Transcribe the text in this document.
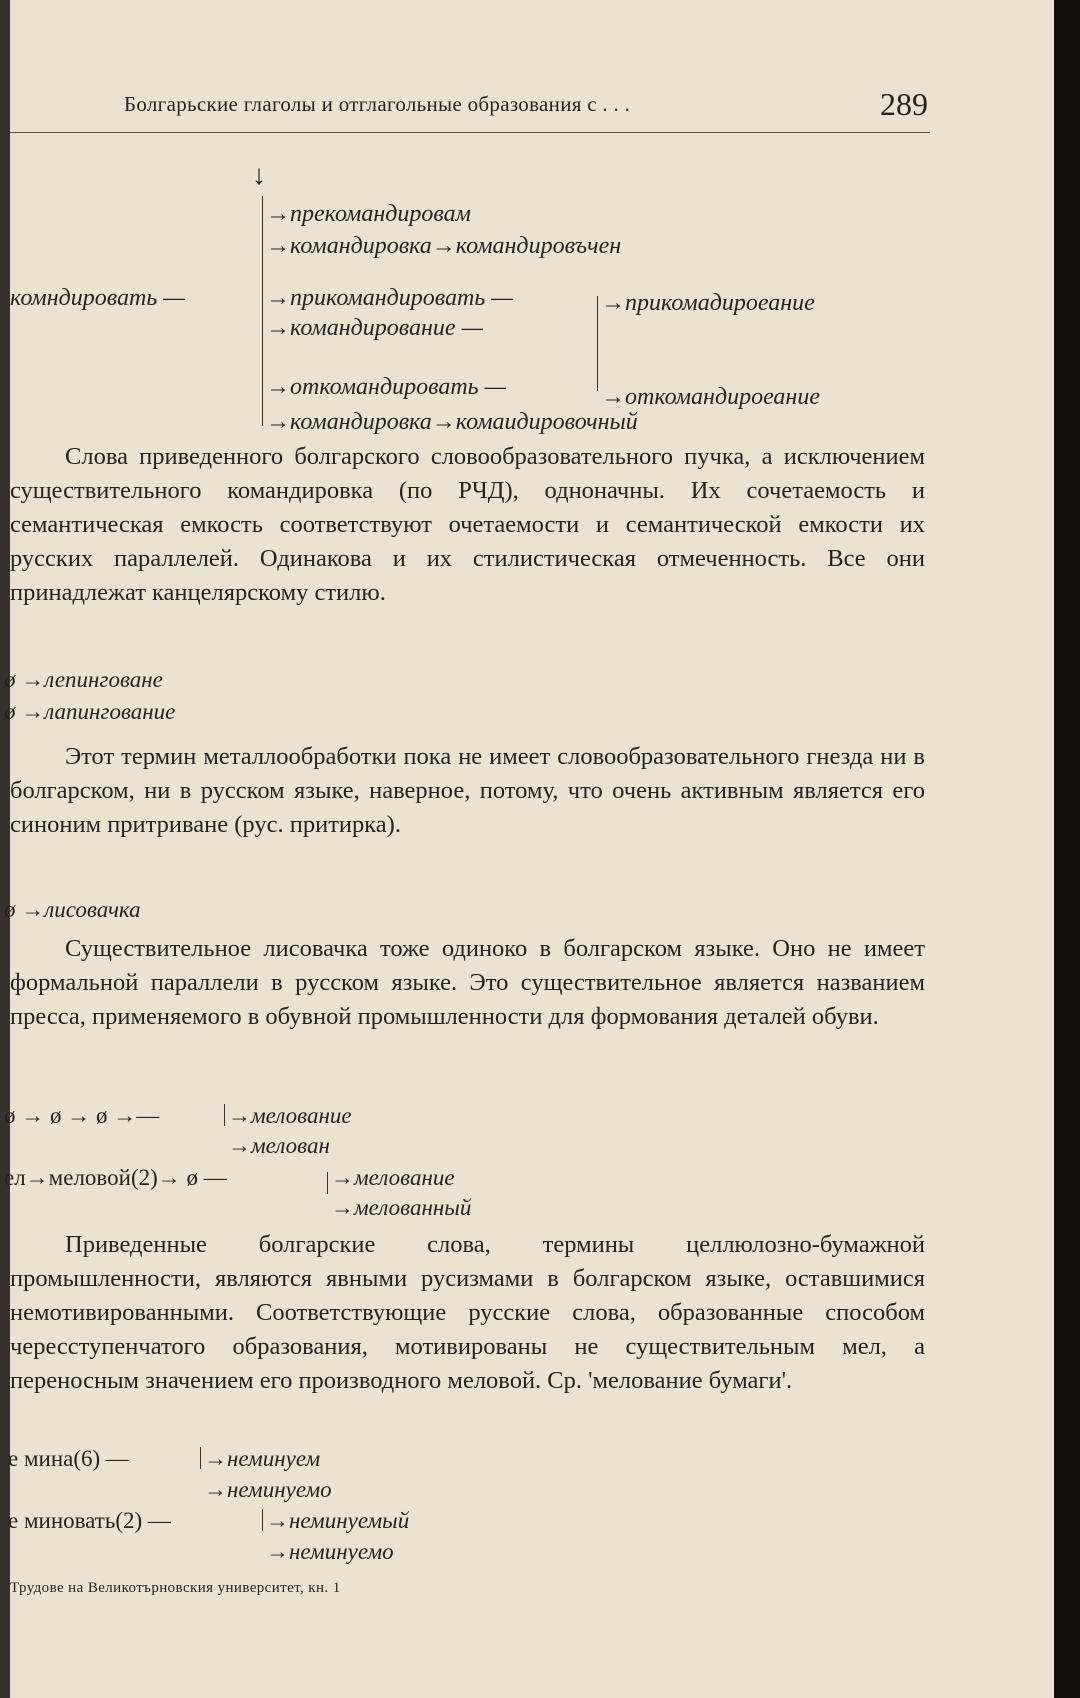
Болгарьские глаголы и отглагольные образования с . . .	289
↓
→прекомандировам
→командировка→командировъчен
комндировать —	→прикомандировать —	→прикомадироеание
→командирование —
→откомандировать —	→откомандироеание
→командировка→комаидировочный
Слова приведенного болгарского словообразовательного пучка, а исключением существительного командировка (по РЧД), одноначны. Их сочетаемость и семантическая емкость соответствуют очетаемости и семантической емкости их русских параллелей. Одинакова и их стилистическая отмеченность. Все они принадлежат канцелярскому стилю.
ø →лепинговане
ø →лапингование
Этот термин металлообработки пока не имеет словообразовательного гнезда ни в болгарском, ни в русском языке, наверное, потому, что очень активным является его синоним притриване (рус. притирка).
ø →лисовачка
Существительное лисовачка тоже одиноко в болгарском языке. Оно не имеет формальной параллели в русском языке. Это существительное является названием пресса, применяемого в обувной промышленности для формования деталей обуви.
ø → ø → ø →—	→мелование
→мелован
ел→меловой(2)→ ø —	→мелование
→мелованный
Приведенные болгарские слова, термины целлюлозно-бумажной промышленности, являются явными русизмами в болгарском языке, оставшимися немотивированными. Соответствующие русские слова, образованные способом чересступенчатого образования, мотивированы не существительным мел, а переносным значением его производного меловой. Ср. 'мелование бумаги'.
е мина(6) —	→неминуем
→неминуемо
е миновать(2) —	→неминуемый
→неминуемо
Трудове на Великотърновския университет, кн. 1
